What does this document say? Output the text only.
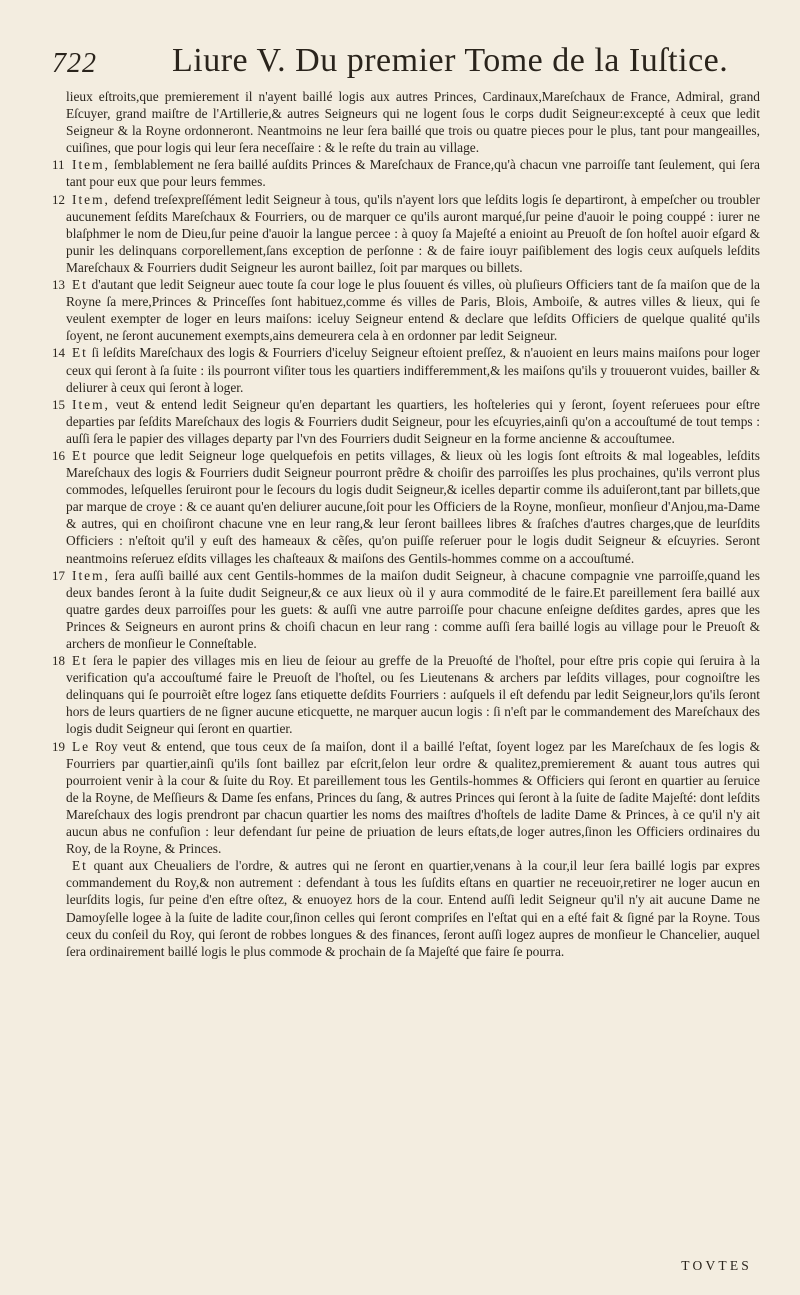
722 Liure V. Du premier Tome de la Iuſtice.

lieux eſtroits,que premierement il n'ayent baillé logis aux autres Princes, Cardinaux,Mareſchaux de France, Admiral, grand Eſcuyer, grand maiſtre de l'Artillerie,& autres Seigneurs qui ne logent ſous le corps dudit Seigneur:excepté à ceux que ledit Seigneur & la Royne ordonneront. Neantmoins ne leur ſera baillé que trois ou quatre pieces pour le plus, tant pour mangeailles, cuiſines, que pour logis qui leur ſera neceſſaire : & le reſte du train au village.

11 Item, ſemblablement ne ſera baillé auſdits Princes & Mareſchaux de France,qu'à chacun vne parroiſſe tant ſeulement, qui ſera tant pour eux que pour leurs femmes.

12 Item, defend treſexpreſſément ledit Seigneur à tous, qu'ils n'ayent lors que leſdits logis ſe departiront, à empeſcher ou troubler aucunement ſeſdits Mareſchaux & Fourriers, ou de marquer ce qu'ils auront marqué,ſur peine d'auoir le poing couppé : iurer ne blaſphmer le nom de Dieu,ſur peine d'auoir la langue percee : à quoy ſa Majeſté a enioint au Preuoſt de ſon hoſtel auoir eſgard & punir les delinquans corporellement,ſans exception de perſonne : & de faire iouyr paiſiblement des logis ceux auſquels leſdits Mareſchaux & Fourriers dudit Seigneur les auront baillez, ſoit par marques ou billets.

13 Et d'autant que ledit Seigneur auec toute ſa cour loge le plus ſouuent és villes, où pluſieurs Officiers tant de ſa maiſon que de la Royne ſa mere,Princes & Princeſſes ſont habituez,comme és villes de Paris, Blois, Amboiſe, & autres villes & lieux, qui ſe veulent exempter de loger en leurs maiſons: iceluy Seigneur entend & declare que leſdits Officiers de quelque qualité qu'ils ſoyent, ne ſeront aucunement exempts,ains demeurera cela à en ordonner par ledit Seigneur.

14 Et ſi leſdits Mareſchaux des logis & Fourriers d'iceluy Seigneur eſtoient preſſez, & n'auoient en leurs mains maiſons pour loger ceux qui ſeront à ſa ſuite : ils pourront viſiter tous les quartiers indifferemment,& les maiſons qu'ils y trouueront vuides, bailler & deliurer à ceux qui ſeront à loger.

15 Item, veut & entend ledit Seigneur qu'en departant les quartiers, les hoſteleries qui y ſeront, ſoyent reſeruees pour eſtre departies par ſeſdits Mareſchaux des logis & Fourriers dudit Seigneur, pour les eſcuyries,ainſi qu'on a accouſtumé de tout temps : auſſi ſera le papier des villages departy par l'vn des Fourriers dudit Seigneur en la forme ancienne & accouſtumee.

16 Et pource que ledit Seigneur loge quelquefois en petits villages, & lieux où les logis ſont eſtroits & mal logeables, leſdits Mareſchaux des logis & Fourriers dudit Seigneur pourront prẽdre & choiſir des parroiſſes les plus prochaines, qu'ils verront plus commodes, leſquelles ſeruiront pour le ſecours du logis dudit Seigneur,& icelles departir comme ils aduiſeront,tant par billets,que par marque de croye : & ce auant qu'en deliurer aucune,ſoit pour les Officiers de la Royne, monſieur, monſieur d'Anjou,ma-Dame & autres, qui en choiſiront chacune vne en leur rang,& leur ſeront baillees libres & ſraſches d'autres charges,que de leurſdits Officiers : n'eſtoit qu'il y euſt des hameaux & cẽſes, qu'on puiſſe reſeruer pour le logis dudit Seigneur & eſcuyries. Seront neantmoins reſeruez eſdits villages les chaſteaux & maiſons des Gentils-hommes comme on a accouſtumé.

17 Item, ſera auſſi baillé aux cent Gentils-hommes de la maiſon dudit Seigneur, à chacune compagnie vne parroiſſe,quand les deux bandes ſeront à la ſuite dudit Seigneur,& ce aux lieux où il y aura commodité de le faire.Et pareillement ſera baillé aux quatre gardes deux parroiſſes pour les guets: & auſſi vne autre parroiſſe pour chacune enſeigne deſdites gardes, apres que les Princes & Seigneurs en auront prins & choiſi chacun en leur rang : comme auſſi ſera baillé logis au village pour le Preuoſt & archers de monſieur le Conneſtable.

18 Et ſera le papier des villages mis en lieu de ſeiour au greffe de la Preuoſté de l'hoſtel, pour eſtre pris copie qui ſeruira à la verification qu'a accouſtumé faire le Preuoſt de l'hoſtel, ou ſes Lieutenans & archers par leſdits villages, pour cognoiſtre les delinquans qui ſe pourroiẽt eſtre logez ſans etiquette deſdits Fourriers : auſquels il eſt defendu par ledit Seigneur,lors qu'ils ſeront hors de leurs quartiers de ne ſigner aucune eticquette, ne marquer aucun logis : ſi n'eſt par le commandement des Mareſchaux des logis dudit Seigneur qui ſeront en quartier.

19 Le Roy veut & entend, que tous ceux de ſa maiſon, dont il a baillé l'eſtat, ſoyent logez par les Mareſchaux de ſes logis & Fourriers par quartier,ainſi qu'ils ſont baillez par eſcrit,ſelon leur ordre & qualitez,premierement & auant tous autres qui pourroient venir à la cour & ſuite du Roy. Et pareillement tous les Gentils-hommes & Officiers qui ſeront en quartier au ſeruice de la Royne, de Meſſieurs & Dame ſes enfans, Princes du ſang, & autres Princes qui ſeront à la ſuite de ſadite Majeſté: dont leſdits Mareſchaux des logis prendront par chacun quartier les noms des maiſtres d'hoſtels de ladite Dame & Princes, à ce qu'il n'y ait aucun abus ne confuſion : leur defendant ſur peine de priuation de leurs eſtats,de loger autres,ſinon les Officiers ordinaires du Roy, de la Royne, & Princes.

Et quant aux Cheualiers de l'ordre, & autres qui ne ſeront en quartier,venans à la cour,il leur ſera baillé logis par expres commandement du Roy,& non autrement : defendant à tous les ſuſdits eſtans en quartier ne receuoir,retirer ne loger aucun en leurſdits logis, ſur peine d'en eſtre oſtez, & enuoyez hors de la cour. Entend auſſi ledit Seigneur qu'il n'y ait aucune Dame ne Damoyſelle logee à la ſuite de ladite cour,ſinon celles qui ſeront compriſes en l'eſtat qui en a eſté fait & ſigné par la Royne. Tous ceux du conſeil du Roy, qui ſeront de robbes longues & des finances, ſeront auſſi logez aupres de monſieur le Chancelier, auquel ſera ordinairement baillé logis le plus commode & prochain de ſa Majeſté que faire ſe pourra.

TOVTES
